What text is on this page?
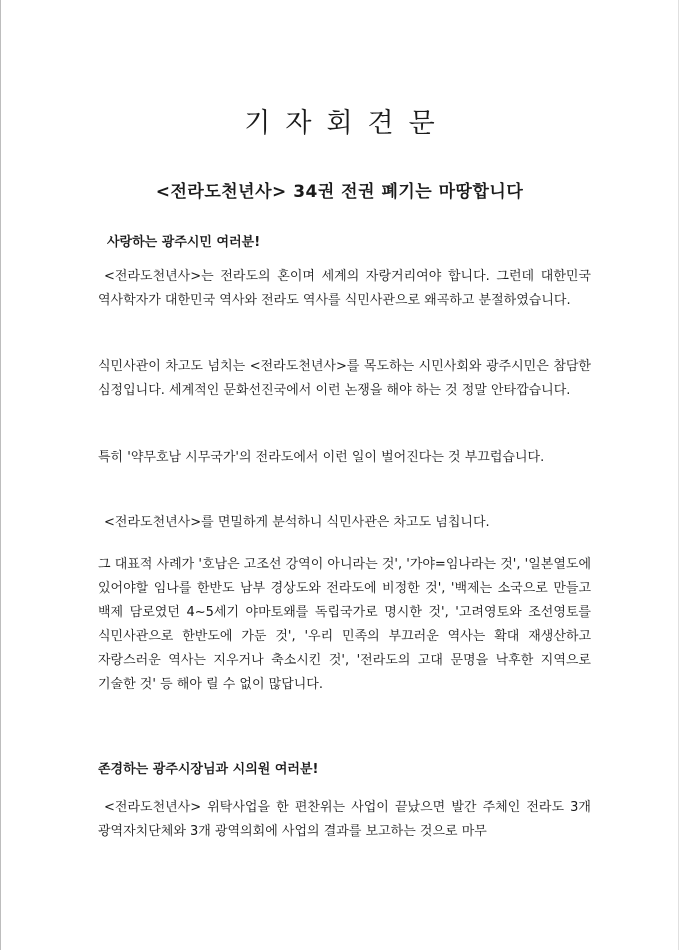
기자회견문
<전라도천년사> 34권 전권 폐기는 마땅합니다
사랑하는 광주시민 여러분!
<전라도천년사>는 전라도의 혼이며 세계의 자랑거리여야 합니다. 그런데 대한민국 역사학자가 대한민국 역사와 전라도 역사를 식민사관으로 왜곡하고 분절하였습니다.
식민사관이 차고도 넘치는 <전라도천년사>를 목도하는 시민사회와 광주시민은 참담한 심정입니다. 세계적인 문화선진국에서 이런 논쟁을 해야 하는 것 정말 안타깝습니다.
특히 '약무호남 시무국가'의 전라도에서 이런 일이 벌어진다는 것 부끄럽습니다.
<전라도천년사>를 면밀하게 분석하니 식민사관은 차고도 넘칩니다.
그 대표적 사례가 '호남은 고조선 강역이 아니라는 것', '가야=임나라는 것', '일본열도에 있어야할 임나를 한반도 남부 경상도와 전라도에 비정한 것', '백제는 소국으로 만들고 백제 담로였던 4~5세기 야마토왜를 독립국가로 명시한 것', '고려영토와 조선영토를 식민사관으로 한반도에 가둔 것', '우리 민족의 부끄러운 역사는 확대 재생산하고 자랑스러운 역사는 지우거나 축소시킨 것', '전라도의 고대 문명을 낙후한 지역으로 기술한 것' 등 해아 릴 수 없이 많답니다.
존경하는 광주시장님과 시의원 여러분!
<전라도천년사> 위탁사업을 한 편찬위는 사업이 끝났으면 발간 주체인 전라도 3개 광역자치단체와 3개 광역의회에 사업의 결과를 보고하는 것으로 마무
